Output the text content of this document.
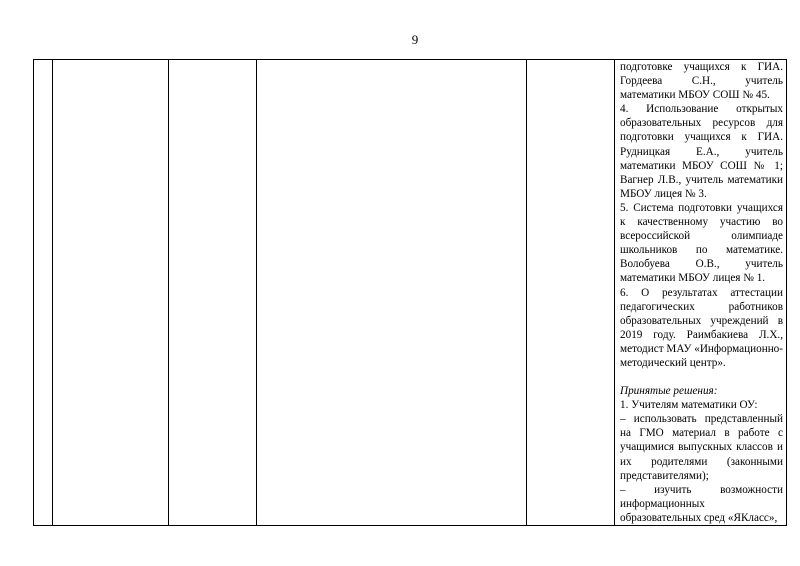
9

подготовке учащихся к ГИА. Гордеева С.Н., учитель математики МБОУ СОШ № 45.

4. Использование открытых образовательных ресурсов для подготовки учащихся к ГИА. Рудницкая Е.А., учитель математики МБОУ СОШ № 1; Вагнер Л.В., учитель математики МБОУ лицея № 3.

5. Система подготовки учащихся к качественному участию во всероссийской олимпиаде школьников по математике. Волобуева О.В., учитель математики МБОУ лицея № 1.

6. О результатах аттестации педагогических работников образовательных учреждений в 2019 году. Раимбакиева Л.Х., методист МАУ «Информационно-методический центр».

Принятые решения:

1. Учителям математики ОУ:

– использовать представленный на ГМО материал в работе с учащимися выпускных классов и их родителями (законными представителями);

– изучить возможности информационных образовательных сред «ЯКласс»,
